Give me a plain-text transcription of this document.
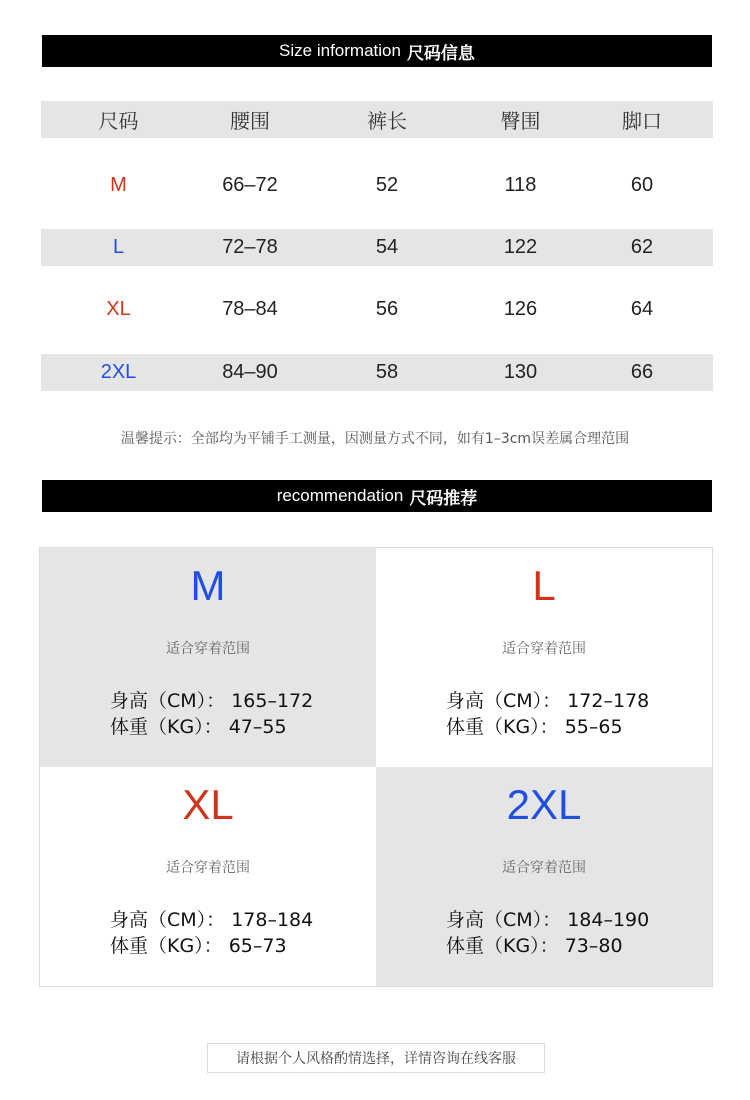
Size information 尺码信息
尺码	腰围	裤长	臀围	脚口
M	66–72	52	118	60
L	72–78	54	122	62
XL	78–84	56	126	64
2XL	84–90	58	130	66
温馨提示：全部均为平铺手工测量，因测量方式不同，如有1–3cm误差属合理范围
recommendation 尺码推荐
M
适合穿着范围
身高（CM）： 165–172
体重（KG）： 47–55
L
适合穿着范围
身高（CM）： 172–178
体重（KG）： 55–65
XL
适合穿着范围
身高（CM）： 178–184
体重（KG）： 65–73
2XL
适合穿着范围
身高（CM）： 184–190
体重（KG）： 73–80
请根据个人风格酌情选择，详情咨询在线客服
